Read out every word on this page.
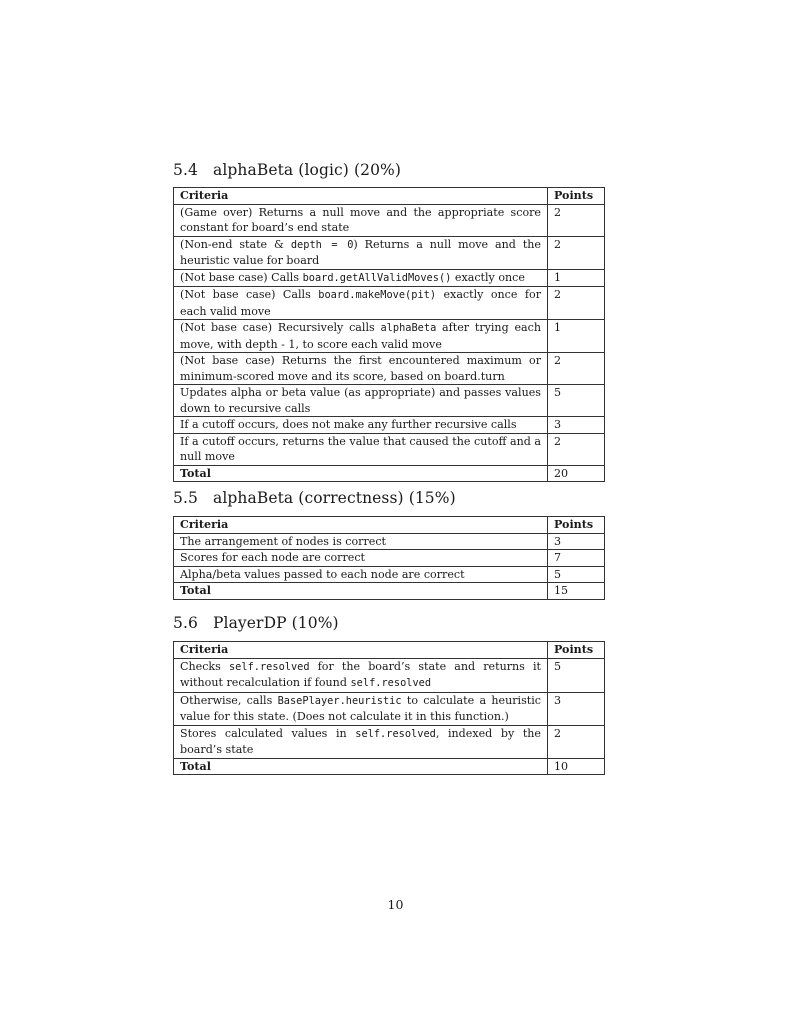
5.4 alphaBeta (logic) (20%)
Criteria	Points
(Game over) Returns a null move and the appropriate score constant for board’s end state	2
(Non-end state & depth = 0) Returns a null move and the heuristic value for board	2
(Not base case) Calls board.getAllValidMoves() exactly once	1
(Not base case) Calls board.makeMove(pit) exactly once for each valid move	2
(Not base case) Recursively calls alphaBeta after trying each move, with depth - 1, to score each valid move	1
(Not base case) Returns the first encountered maximum or minimum-scored move and its score, based on board.turn	2
Updates alpha or beta value (as appropriate) and passes values down to recursive calls	5
If a cutoff occurs, does not make any further recursive calls	3
If a cutoff occurs, returns the value that caused the cutoff and a null move	2
Total	20
5.5 alphaBeta (correctness) (15%)
Criteria	Points
The arrangement of nodes is correct	3
Scores for each node are correct	7
Alpha/beta values passed to each node are correct	5
Total	15
5.6 PlayerDP (10%)
Criteria	Points
Checks self.resolved for the board’s state and returns it without recalculation if found self.resolved	5
Otherwise, calls BasePlayer.heuristic to calculate a heuristic value for this state. (Does not calculate it in this function.)	3
Stores calculated values in self.resolved, indexed by the board’s state	2
Total	10
10
